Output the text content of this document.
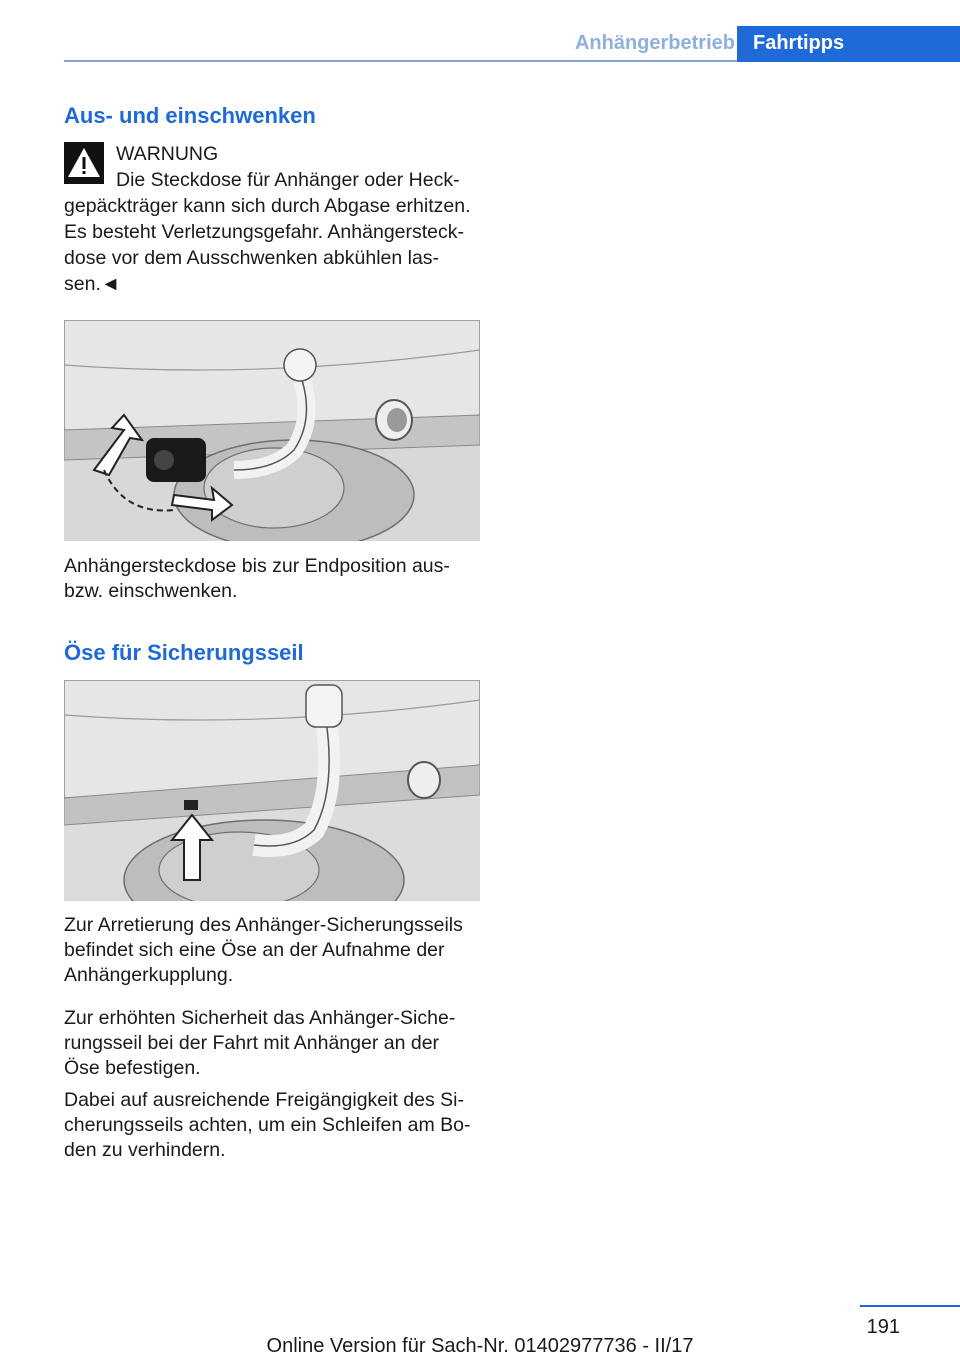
Anhängerbetrieb Fahrtipps
Aus- und einschwenken
WARNUNG

Die Steckdose für Anhänger oder Heck-

gepäckträger kann sich durch Abgase erhitzen.

Es besteht Verletzungsgefahr. Anhängersteck-

dose vor dem Ausschwenken abkühlen las-

sen.◄

Anhängersteckdose bis zur Endposition aus-

bzw. einschwenken.

Öse für Sicherungsseil

Zur Arretierung des Anhänger-Sicherungsseils

befindet sich eine Öse an der Aufnahme der

Anhängerkupplung.

Zur erhöhten Sicherheit das Anhänger-Siche-

rungsseil bei der Fahrt mit Anhänger an der

Öse befestigen.

Dabei auf ausreichende Freigängigkeit des Si-

cherungsseils achten, um ein Schleifen am Bo-

den zu verhindern.

191
Online Version für Sach-Nr. 01402977736 - II/17
